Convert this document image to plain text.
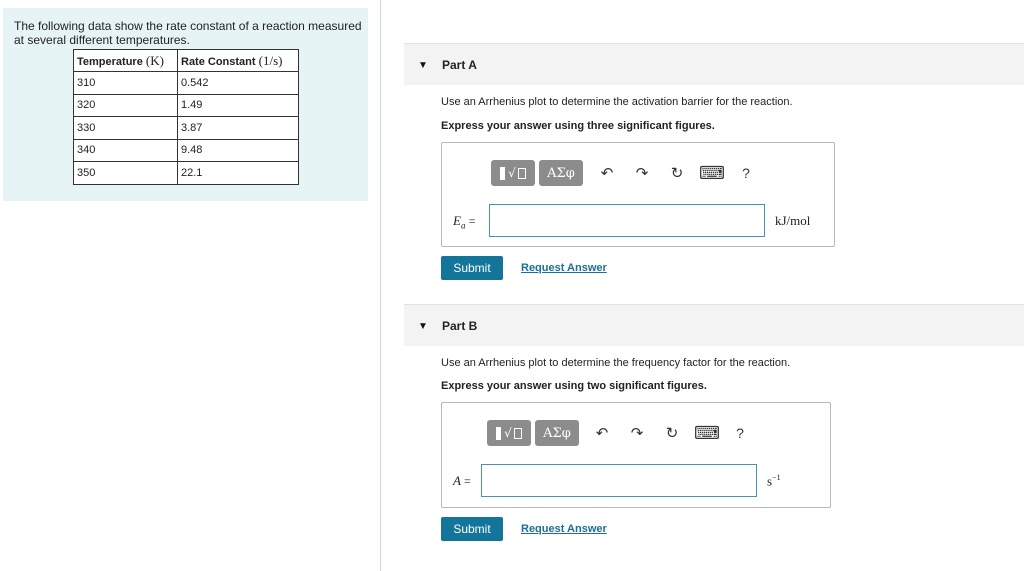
The following data show the rate constant of a reaction measured at several different temperatures.
Temperature (K)	Rate Constant (1/s)
310	0.542
320	1.49
330	3.87
340	9.48
350	22.1
▼ Part A
Use an Arrhenius plot to determine the activation barrier for the reaction.
Express your answer using three significant figures.
√	ΑΣφ	↶ ↷ ↻ ⌨	?
$E_a$ =	kJ/mol
Submit	Request Answer
▼ Part B
Use an Arrhenius plot to determine the frequency factor for the reaction.
Express your answer using two significant figures.
√	ΑΣφ	↶ ↷ ↻ ⌨	?
A =	$s^{-1}$
Submit	Request Answer
